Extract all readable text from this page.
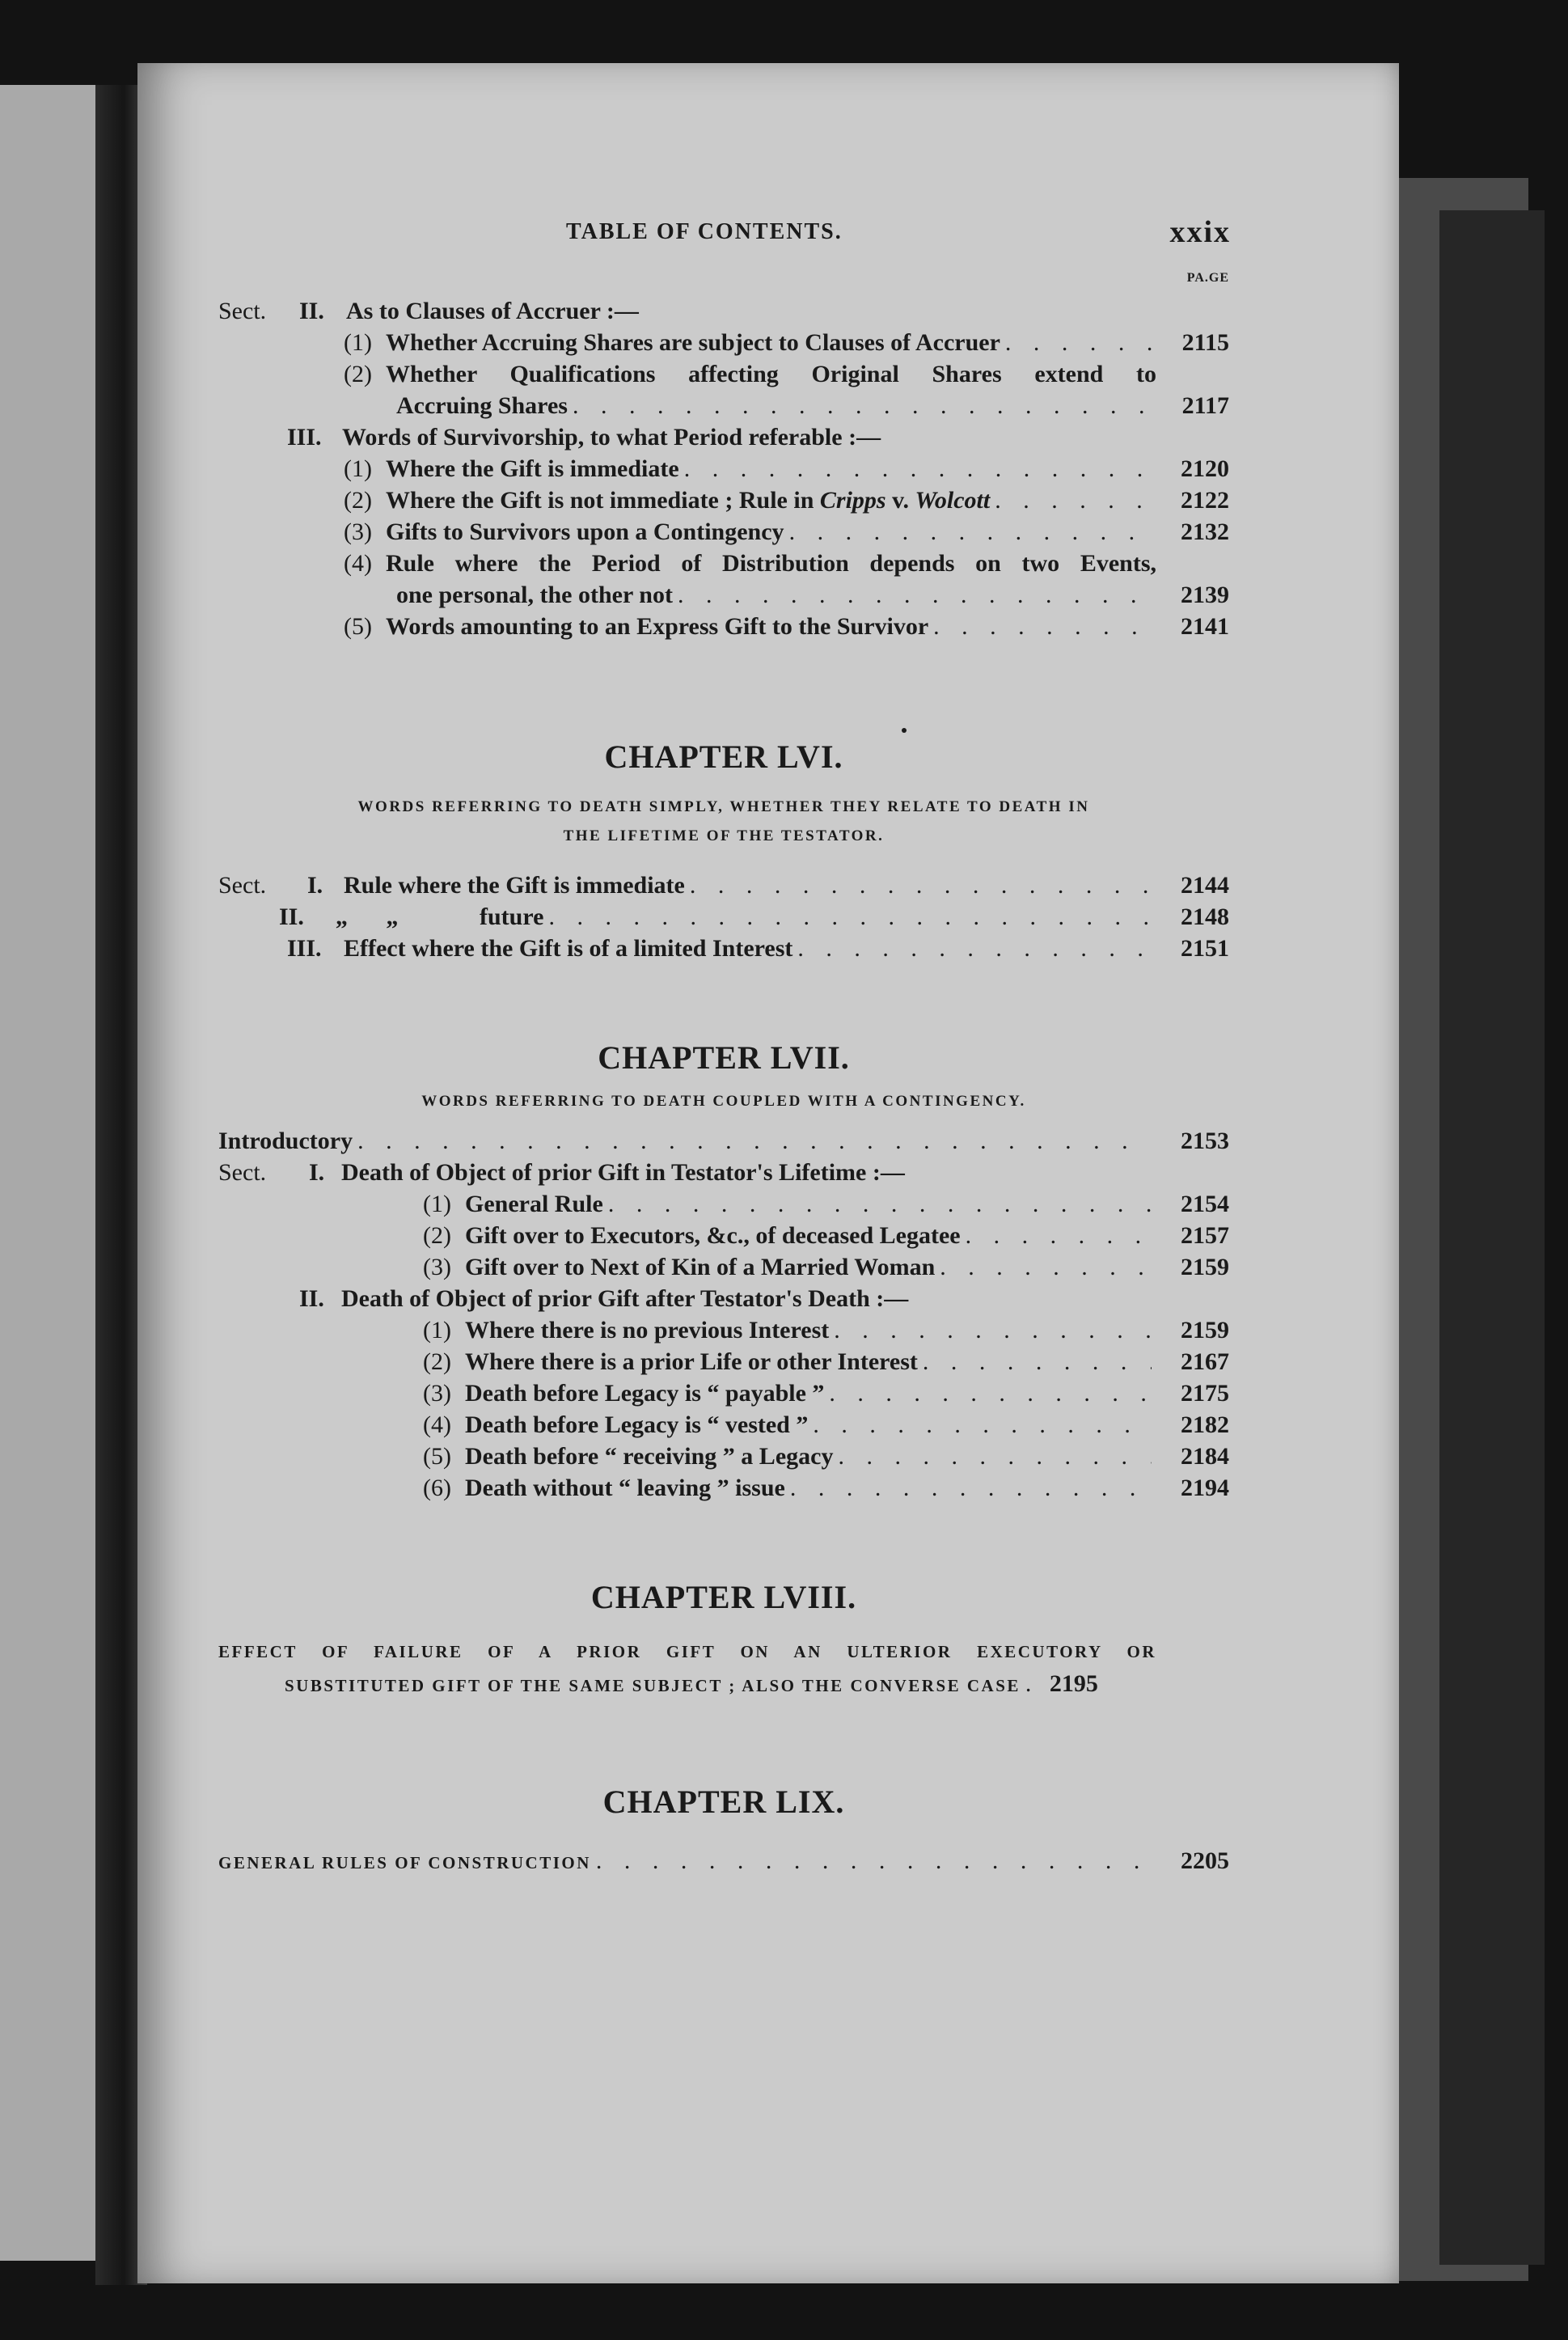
TABLE OF CONTENTS.	xxix
PA.GE
Sect.	II. As to Clauses of Accruer :—
(1) Whether Accruing Shares are subject to Clauses of Accruer . . .	2115
(2) Whether Qualifications affecting Original Shares extend to
Accruing Shares . . .	2117
III. Words of Survivorship, to what Period referable :—
(1) Where the Gift is immediate . . .	2120
(2) Where the Gift is not immediate ; Rule in Cripps v. Wolcott . . .	2122
(3) Gifts to Survivors upon a Contingency . . .	2132
(4) Rule where the Period of Distribution depends on two Events,
one personal, the other not . . .	2139
(5) Words amounting to an Express Gift to the Survivor . . .	2141
CHAPTER LVI.
WORDS REFERRING TO DEATH SIMPLY, WHETHER THEY RELATE TO DEATH IN
THE LIFETIME OF THE TESTATOR.
Sect.	I. Rule where the Gift is immediate . . .	2144
II.	„ „	future . . .	2148
III. Effect where the Gift is of a limited Interest . . .	2151
CHAPTER LVII.
WORDS REFERRING TO DEATH COUPLED WITH A CONTINGENCY.
Introductory . . .	2153
Sect.	I. Death of Object of prior Gift in Testator's Lifetime :—
(1) General Rule . . .	2154
(2) Gift over to Executors, &c., of deceased Legatee . . .	2157
(3) Gift over to Next of Kin of a Married Woman . . .	2159
II. Death of Object of prior Gift after Testator's Death :—
(1) Where there is no previous Interest . . .	2159
(2) Where there is a prior Life or other Interest . . .	2167
(3) Death before Legacy is “ payable ” . . .	2175
(4) Death before Legacy is “ vested ” . . .	2182
(5) Death before “ receiving ” a Legacy . . .	2184
(6) Death without “ leaving ” issue . . .	2194
CHAPTER LVIII.
EFFECT OF FAILURE OF A PRIOR GIFT ON AN ULTERIOR EXECUTORY OR
SUBSTITUTED GIFT OF THE SAME SUBJECT ; ALSO THE CONVERSE CASE . . . 2195
CHAPTER LIX.
GENERAL RULES OF CONSTRUCTION . . .	2205
